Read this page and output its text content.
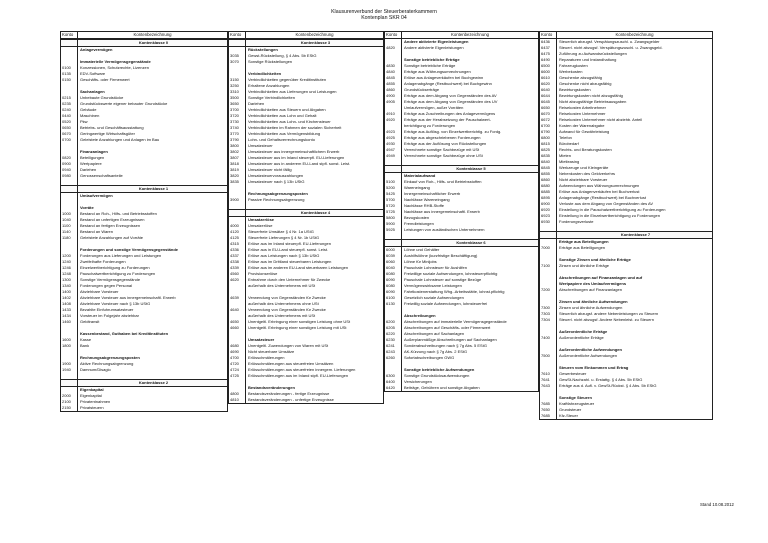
Klausurenverbund der Steuerberaterkammern
Kontenplan SKR 04
Konto	Kontenbezeichnung
Kontenklasse 0
Anlagevermögen
Immaterielle Vermögensgegenstände
0100	Konzessionen, Schutzrechte, Lizenzen
0135	EDV-Software
0150	Geschäfts- oder Firmenwert
Sachanlagen
0215	Unbebaute Grundstücke
0235	Grundstückswerte eigener bebauter Grundstücke
0240	Gebäude
0440	Maschinen
0520	Pkw
0650	Betriebs- und Geschäftsausstattung
0670	Geringwertige Wirtschaftsgüter
0700	Geleistete Anzahlungen und Anlagen im Bau
Finanzanlagen
0820	Beteiligungen
0900	Wertpapiere
0940	Darlehen
0980	Genossenschaftsanteile
Kontenklasse 1
Umlaufvermögen
Vorräte
1000	Bestand an Roh-, Hilfs- und Betriebsstoffen
1040	Bestand an unfertigen Erzeugnissen
1100	Bestand an fertigen Erzeugnissen
1140	Bestand an Waren
1180	Geleistete Anzahlungen auf Vorräte
Forderungen und sonstige Vermögensgegenstände
1200	Forderungen aus Lieferungen und Leistungen
1240	Zweifelhafte Forderungen
1246	Einzelwertberichtigung zu Forderungen
1248	Pauschalwertberichtigung zu Forderungen
1300	Sonstige Vermögensgegenstände
1340	Forderungen gegen Personal
1400	Abziehbare Vorsteuer
1402	Abziehbare Vorsteuer aus innergemeinschaftl. Erwerb
1408	Abziehbare Vorsteuer nach § 13b UStG
1433	Bezahlte Einfuhrumsatzsteuer
1434	Vorsteuer im Folgejahr abziehbar
1460	Geldtransit
Kassenbestand, Guthaben bei Kreditinstituten
1600	Kasse
1800	Bank
Rechnungsabgrenzungsposten
1900	Aktive Rechnungsabgrenzung
1940	Damnum/Disagio
Kontenklasse 2
Eigenkapital
2000	Eigenkapital
2100	Privatentnahmen
2150	Privatsteuern
Konto	Kontenbezeichnung
Kontenklasse 3
Rückstellungen
3035	Gewst-Rückstellung, § 4 Abs. 5b EStG
3070	Sonstige Rückstellungen
Verbindlichkeiten
3150	Verbindlichkeiten gegenüber Kreditinstituten
3250	Erhaltene Anzahlungen
3310	Verbindlichkeiten aus Lieferungen und Leistungen
3500	Sonstige Verbindlichkeiten
3650	Darlehen
3700	Verbindlichkeiten aus Steuern und Abgaben
3720	Verbindlichkeiten aus Lohn und Gehalt
3730	Verbindlichkeiten aus Lohn- und Kirchensteuer
3740	Verbindlichkeiten im Rahmen der sozialen Sicherheit
3770	Verbindlichkeiten aus Vermögensbildung
3790	Lohn- und Gehaltsverrechnungskonto
3800	Umsatzsteuer
3802	Umsatzsteuer aus innergemeinschaftlichem Erwerb
3807	Umsatzsteuer aus im Inland steuerpfl. EU-Lieferungen
3818	Umsatzsteuer aus in anderem EU-Land stpfl. sonst. Leist.
3819	Umsatzsteuer nicht fällig
3820	Umsatzsteuervorauszahlungen
3835	Umsatzsteuer nach § 13b UStG
Rechnungsabgrenzungsposten
3900	Passive Rechnungsabgrenzung
Kontenklasse 4
Umsatzerlöse
4000	Umsatzerlöse
4120	Steuerfreie Umsätze § 4 Nr. 1a UStG
4125	Steuerfreie Lieferungen § 4 Nr. 1b UStG
4315	Erlöse aus im Inland steuerpfl. EU-Lieferungen
4336	Erlöse aus in EU-Land steuerpfl. sonst. Leist.
4337	Erlöse aus Leistungen nach § 13b UStG
4338	Erlöse aus im Drittland steuerbaren Leistungen
4339	Erlöse aus im anderen EU-Land steuerbaren Leistungen
4560	Provisionserlöse
4620	Entnahme durch den Unternehmer für Zwecke
außerhalb des Unternehmens mit USt
4639	Verwendung von Gegenständen für Zwecke
außerhalb des Unternehmens ohne USt
4640	Verwendung von Gegenständen für Zwecke
außerhalb des Unternehmens mit USt
4650	Unentgeltl. Erbringung einer sonstigen Leistung ohne USt
4660	Unentgeltl. Erbringung einer sonstigen Leistung mit USt
Umsatzsteuer
4680	Unentgeltl. Zuwendungen von Waren mit USt
4690	Nicht steuerbare Umsätze
4700	Erlösschmälerungen
4720	Erlösschmälerungen aus steuerfreien Umsätzen
4724	Erlösschmälerungen aus steuerfreien innergem. Lieferungen
4725	Erlösschmälerungen aus im Inland stpfl. EU-Lieferungen
Bestandsveränderungen
4800	Bestandsveränderungen - fertige Erzeugnisse
4810	Bestandsveränderungen - unfertige Erzeugnisse
Konto	Kontenbezeichnung
Andere aktivierte Eigenleistungen
4820	Andere aktivierte Eigenleistungen
Sonstige betriebliche Erträge
4830	Sonstige betriebliche Erträge
4840	Erträge aus Währungsumrechnungen
4845	Erlöse aus Anlageverkäufen bei Buchgewinn
4855	Anlagenabgänge (Restbuchwert) bei Buchgewinn
4860	Grundstückserträge
4900	Erträge aus dem Abgang von Gegenständen des AV
4905	Erträge aus dem Abgang von Gegenständen des UV
Umlaufvermögen, außer Vorräten
4910	Erträge aus Zuschreibungen des Anlagevermögens
4920	Erträge aus der Herabsetzung der Pauschalwert-
berichtigung zu Forderungen
4923	Erträge aus Auflösg. von Einzelwertberichtig. zu Fordg.
4925	Erträge aus abgeschriebenen Forderungen
4930	Erträge aus der Auflösung von Rückstellungen
4947	Verrechnete sonstige Sachbezüge mit USt
4949	Verrechnete sonstige Sachbezüge ohne USt
Kontenklasse 5
Materialaufwand
5100	Einkauf von Roh-, Hilfs- und Betriebsstoffen
5200	Wareneingang
5425	Innergemeinschaftlicher Erwerb
5700	Nachlässe Wareneingang
5720	Nachlässe RHB-Stoffe
5725	Nachlässe aus innergemeinschaftl. Erwerb
5800	Bezugskosten
5900	Fremdleistungen
5925	Leistungen von ausländischen Unternehmern
Kontenklasse 6
6000	Löhne und Gehälter
6039	Aushilfslöhne (kurzfristige Beschäftigung)
6060	Löhne für Minijobs
6040	Pauschale Lohnsteuer für Aushilfen
6080	Freiwillige soziale Aufwendungen, lohnsteuerpflichtig
6090	Pauschale Lohnsteuer auf sonstige Bezüge
6080	Vermögenswirksame Leistungen
6090	Fahrtkostenerstattung Whg.-Arbeitsstätte, lohnst.pflichtig
6100	Gesetzlich soziale Aufwendungen
6130	Freiwillig soziale Aufwendungen, lohnsteuerfrei
Abschreibungen
6200	Abschreibungen auf immaterielle Vermögensgegenstände
6205	Abschreibungen auf Geschäfts- oder Firmenwert
6220	Abschreibungen auf Sachanlagen
6230	Außerplanmäßige Abschreibungen auf Sachanlagen
6241	Sonderabschreibungen nach § 7g Abs. 5 EStG
6243	AK-Kürzung nach § 7g Abs. 2 EStG
6260	Sofortabschreibungen GWG
Sonstige betriebliche Aufwendungen
6300	Sonstige Grundstücksaufwendungen
6400	Versicherungen
6420	Beiträge, Gebühren und sonstige Abgaben
Konto	Kontenbezeichnung
6436	Steuerlich abzugsf. Verspätungszuschl. u. Zwangsgelder
6437	Steuerl. nicht abzugsf. Verspätungszuschl. u. Zwangsgeld.
6475	Zuführung zu Aufwandsrückstellungen
6490	Reparaturen und Instandhaltung
6500	Fahrzeugkosten
6600	Werbekosten
6610	Geschenke abzugsfähig
6620	Geschenke nicht abzugsfähig
6640	Bewirtungskosten
6644	Bewirtungskosten nicht abzugsfähig
6645	Nicht abzugsfähige Betriebsausgaben
6650	Reisekosten Arbeitnehmer
6670	Reisekosten Unternehmer
6672	Reisekosten Unternehmer nicht abziehb. Anteil
6700	Kosten der Warenabgabe
6790	Aufwand für Gewährleistung
6800	Telefon
6815	Bürobedarf
6825	Rechts- und Beratungskosten
6835	Mieten
6840	Mietleasing
6845	Werkzeuge und Kleingeräte
6855	Nebenkosten des Geldverkehrs
6860	Nicht abziehbare Vorsteuer
6880	Aufwendungen aus Währungsumrechnungen
6885	Erlöse aus Anlagenverkäufen bei Buchverlust
6895	Anlagenabgänge (Restbuchwert) bei Buchverlust
6900	Verluste aus dem Abgang von Gegenständen des AV
6920	Einstellung in die Pauschalwertberichtigung zu Forderungen
6923	Einstellung in die Einzelwertberichtigung zu Forderungen
6930	Forderungsverluste
Kontenklasse 7
Erträge aus Beteiligungen
7000	Erträge aus Beteiligungen
Sonstige Zinsen und ähnliche Erträge
7100	Zinsen und ähnliche Erträge
Abschreibungen auf Finanzanlagen und auf
Wertpapiere des Umlaufvermögens
7200	Abschreibungen auf Finanzanlagen
Zinsen und ähnliche Aufwendungen
7300	Zinsen und ähnliche Aufwendungen
7303	Steuerlich abzugsf. andere Nebenleistungen zu Steuern
7304	Steuerl. nicht abzugsf. Andere Nebenleist. zu Steuern
Außerordentliche Erträge
7400	Außerordentliche Erträge
Außerordentliche Aufwendungen
7500	Außerordentliche Aufwendungen
Steuern vom Einkommen und Ertrag
7610	Gewerbesteuer
7641	GewSt-Nachzahl. u. Erstattg. § 4 Abs. 5b EStG
7643	Erträge aus d. Aufl. v. GewSt-Rückst. § 4 Abs. 5b EStG
Sonstige Steuern
7685	Kraftfahrzeugsteuer
7650	Grundsteuer
7685	Kfz-Steuer
Stand 10.08.2012
